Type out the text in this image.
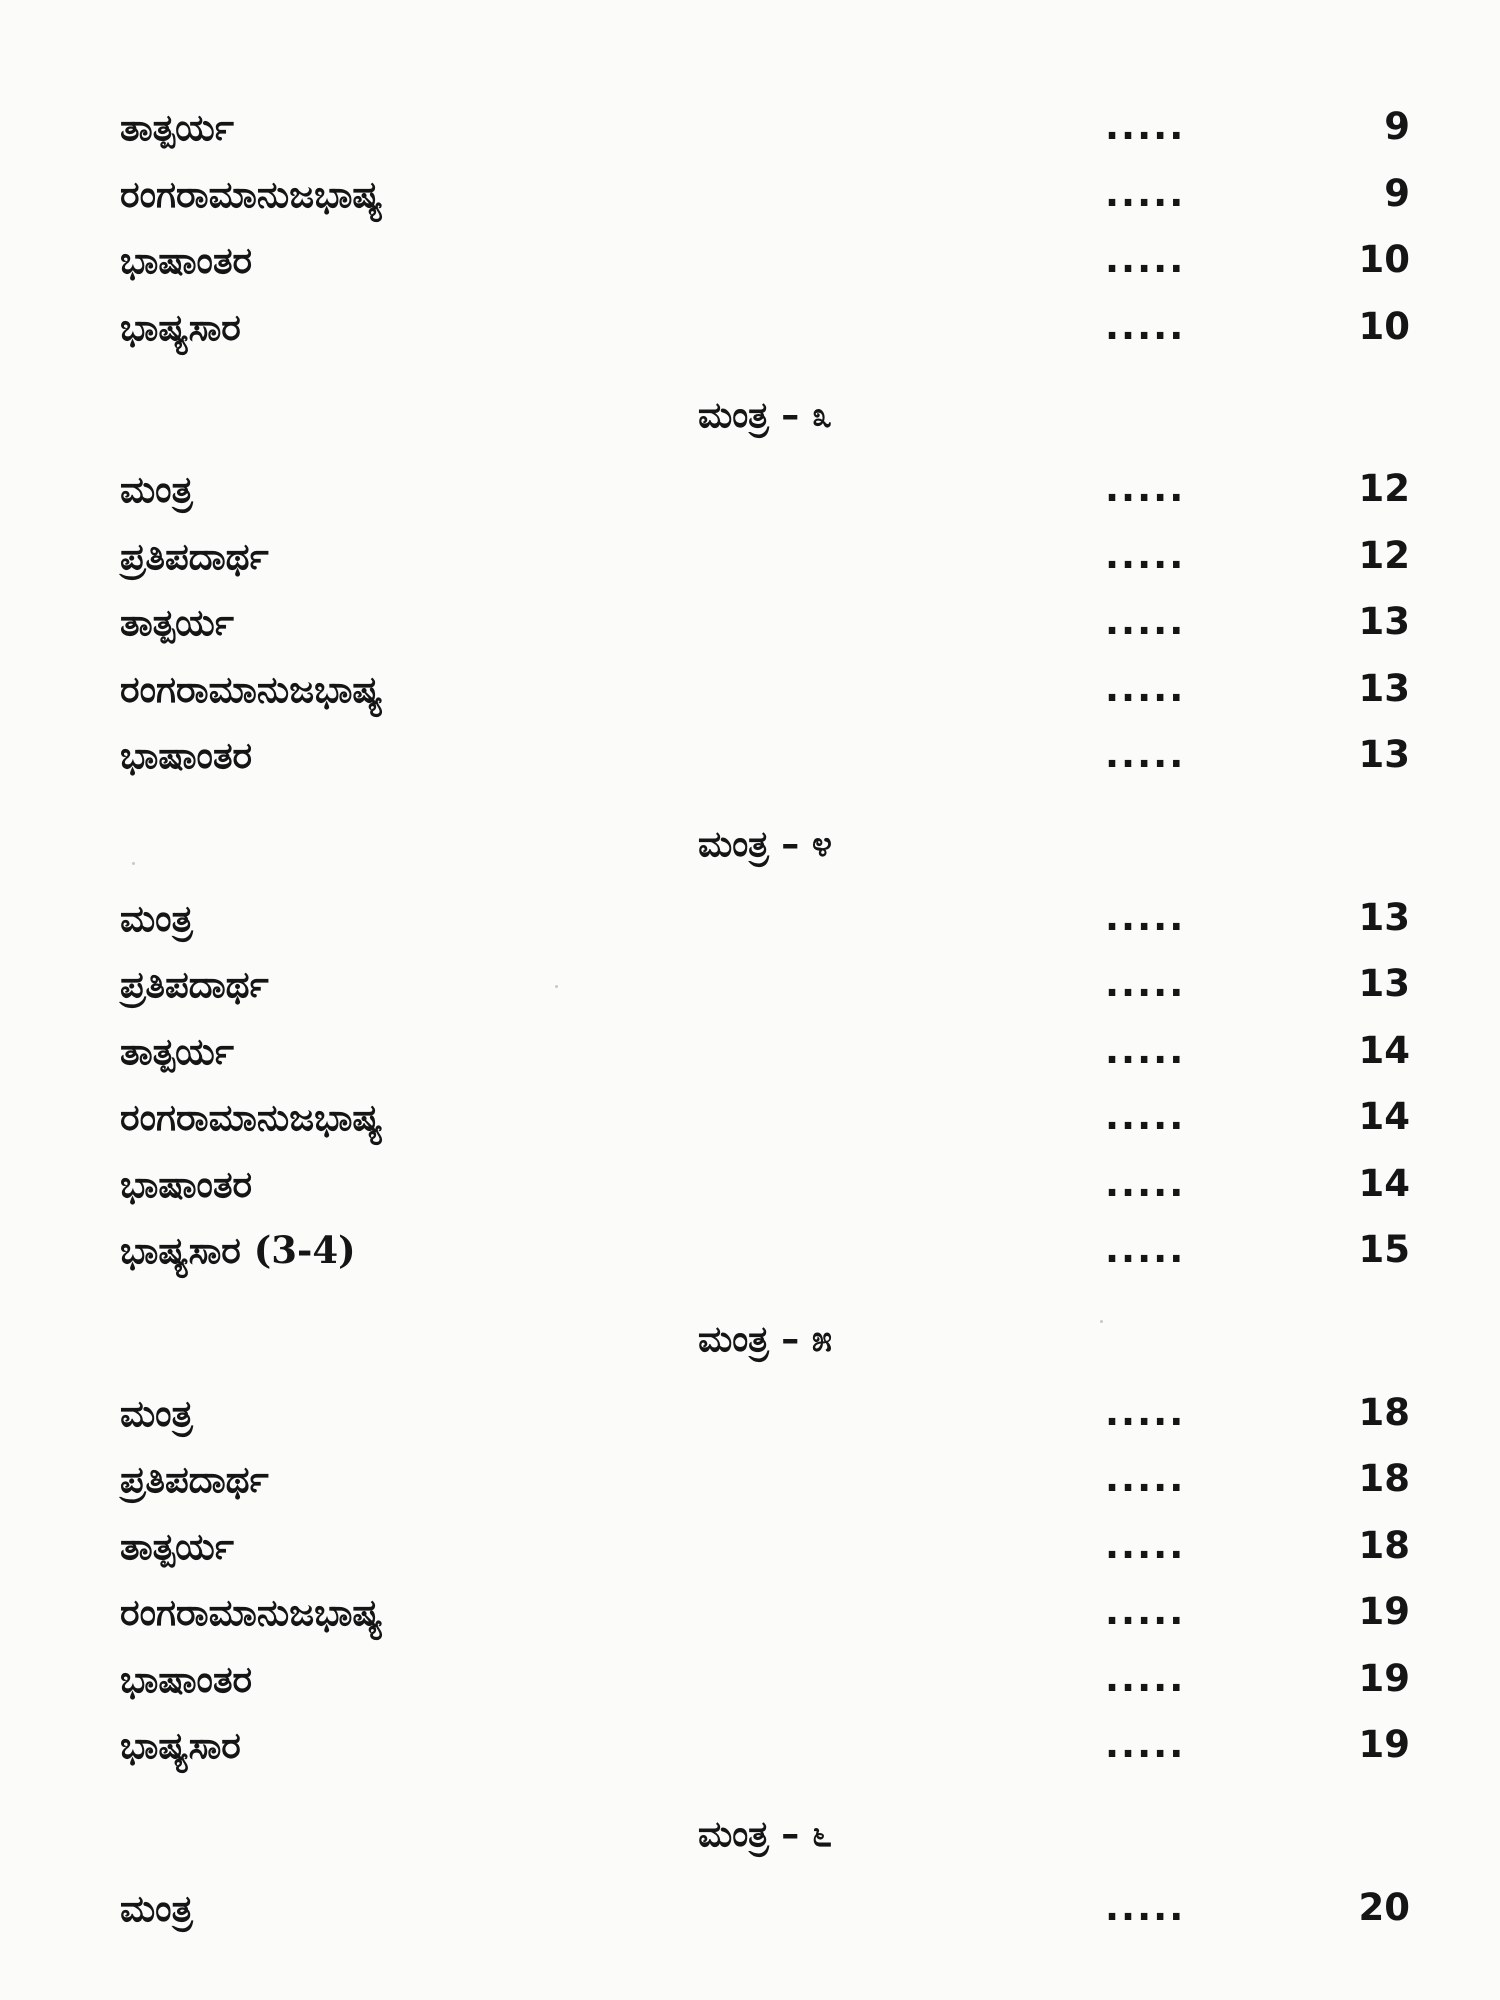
ತಾತ್ಪರ್ಯ	.....	9
ರಂಗರಾಮಾನುಜಭಾಷ್ಯ	.....	9
ಭಾಷಾಂತರ	.....	10
ಭಾಷ್ಯಸಾರ	.....	10
ಮಂತ್ರ – ೩
ಮಂತ್ರ	.....	12
ಪ್ರತಿಪದಾರ್ಥ	.....	12
ತಾತ್ಪರ್ಯ	.....	13
ರಂಗರಾಮಾನುಜಭಾಷ್ಯ	.....	13
ಭಾಷಾಂತರ	.....	13
ಮಂತ್ರ – ೪
ಮಂತ್ರ	.....	13
ಪ್ರತಿಪದಾರ್ಥ	.....	13
ತಾತ್ಪರ್ಯ	.....	14
ರಂಗರಾಮಾನುಜಭಾಷ್ಯ	.....	14
ಭಾಷಾಂತರ	.....	14
ಭಾಷ್ಯಸಾರ (3-4)	.....	15
ಮಂತ್ರ – ೫
ಮಂತ್ರ	.....	18
ಪ್ರತಿಪದಾರ್ಥ	.....	18
ತಾತ್ಪರ್ಯ	.....	18
ರಂಗರಾಮಾನುಜಭಾಷ್ಯ	.....	19
ಭಾಷಾಂತರ	.....	19
ಭಾಷ್ಯಸಾರ	.....	19
ಮಂತ್ರ – ೬
ಮಂತ್ರ	.....	20
